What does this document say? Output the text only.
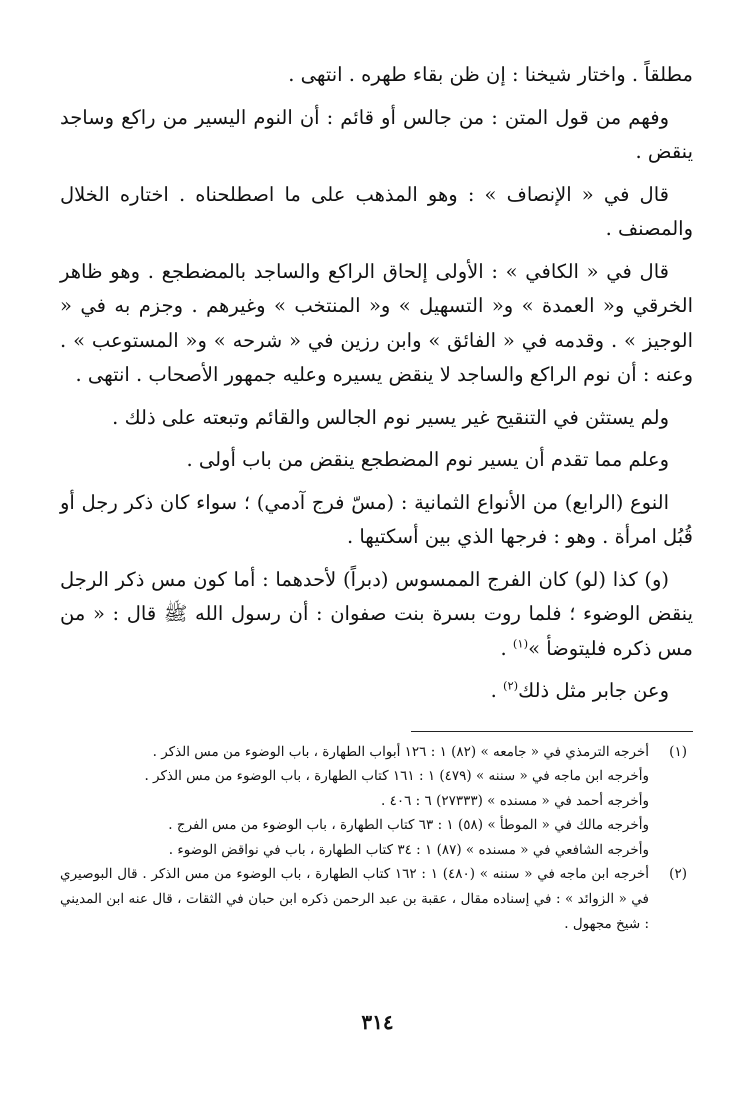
مطلقاً . واختار شيخنا : إن ظن بقاء طهره . انتهى .

وفهم من قول المتن : من جالس أو قائم : أن النوم اليسير من راكع وساجد ينقض .

قال في « الإنصاف » : وهو المذهب على ما اصطلحناه . اختاره الخلال والمصنف .

قال في « الكافي » : الأولى إلحاق الراكع والساجد بالمضطجع . وهو ظاهر الخرقي و« العمدة » و« التسهيل » و« المنتخب » وغيرهم . وجزم به في « الوجيز » . وقدمه في « الفائق » وابن رزين في « شرحه » و« المستوعب » . وعنه : أن نوم الراكع والساجد لا ينقض يسيره وعليه جمهور الأصحاب . انتهى .

ولم يستثن في التنقيح غير يسير نوم الجالس والقائم وتبعته على ذلك .

وعلم مما تقدم أن يسير نوم المضطجع ينقض من باب أولى .

النوع (الرابع) من الأنواع الثمانية : (مسّ فرج آدمي) ؛ سواء كان ذكر رجل أو قُبُل امرأة . وهو : فرجها الذي بين أسكتيها .

(و) كذا (لو) كان الفرج الممسوس (دبراً) لأحدهما : أما كون مس ذكر الرجل ينقض الوضوء ؛ فلما روت بسرة بنت صفوان : أن رسول الله ﷺ قال : « من مس ذكره فليتوضأ »$^{(١)}$ .

وعن جابر مثل ذلك$^{(٢)}$ .

(١)
أخرجه الترمذي في « جامعه » (٨٢) ١ : ١٢٦ أبواب الطهارة ، باب الوضوء من مس الذكر .
وأخرجه ابن ماجه في « سننه » (٤٧٩) ١ : ١٦١ كتاب الطهارة ، باب الوضوء من مس الذكر .
وأخرجه أحمد في « مسنده » (٢٧٣٣٣) ٦ : ٤٠٦ .
وأخرجه مالك في « الموطأ » (٥٨) ١ : ٦٣ كتاب الطهارة ، باب الوضوء من مس الفرج .
وأخرجه الشافعي في « مسنده » (٨٧) ١ : ٣٤ كتاب الطهارة ، باب في نواقض الوضوء .
(٢)
أخرجه ابن ماجه في « سننه » (٤٨٠) ١ : ١٦٢ كتاب الطهارة ، باب الوضوء من مس الذكر . قال البوصيري في « الزوائد » : في إسناده مقال ، عقبة بن عبد الرحمن ذكره ابن حبان في الثقات ، قال عنه ابن المديني : شيخ مجهول .
٣١٤
